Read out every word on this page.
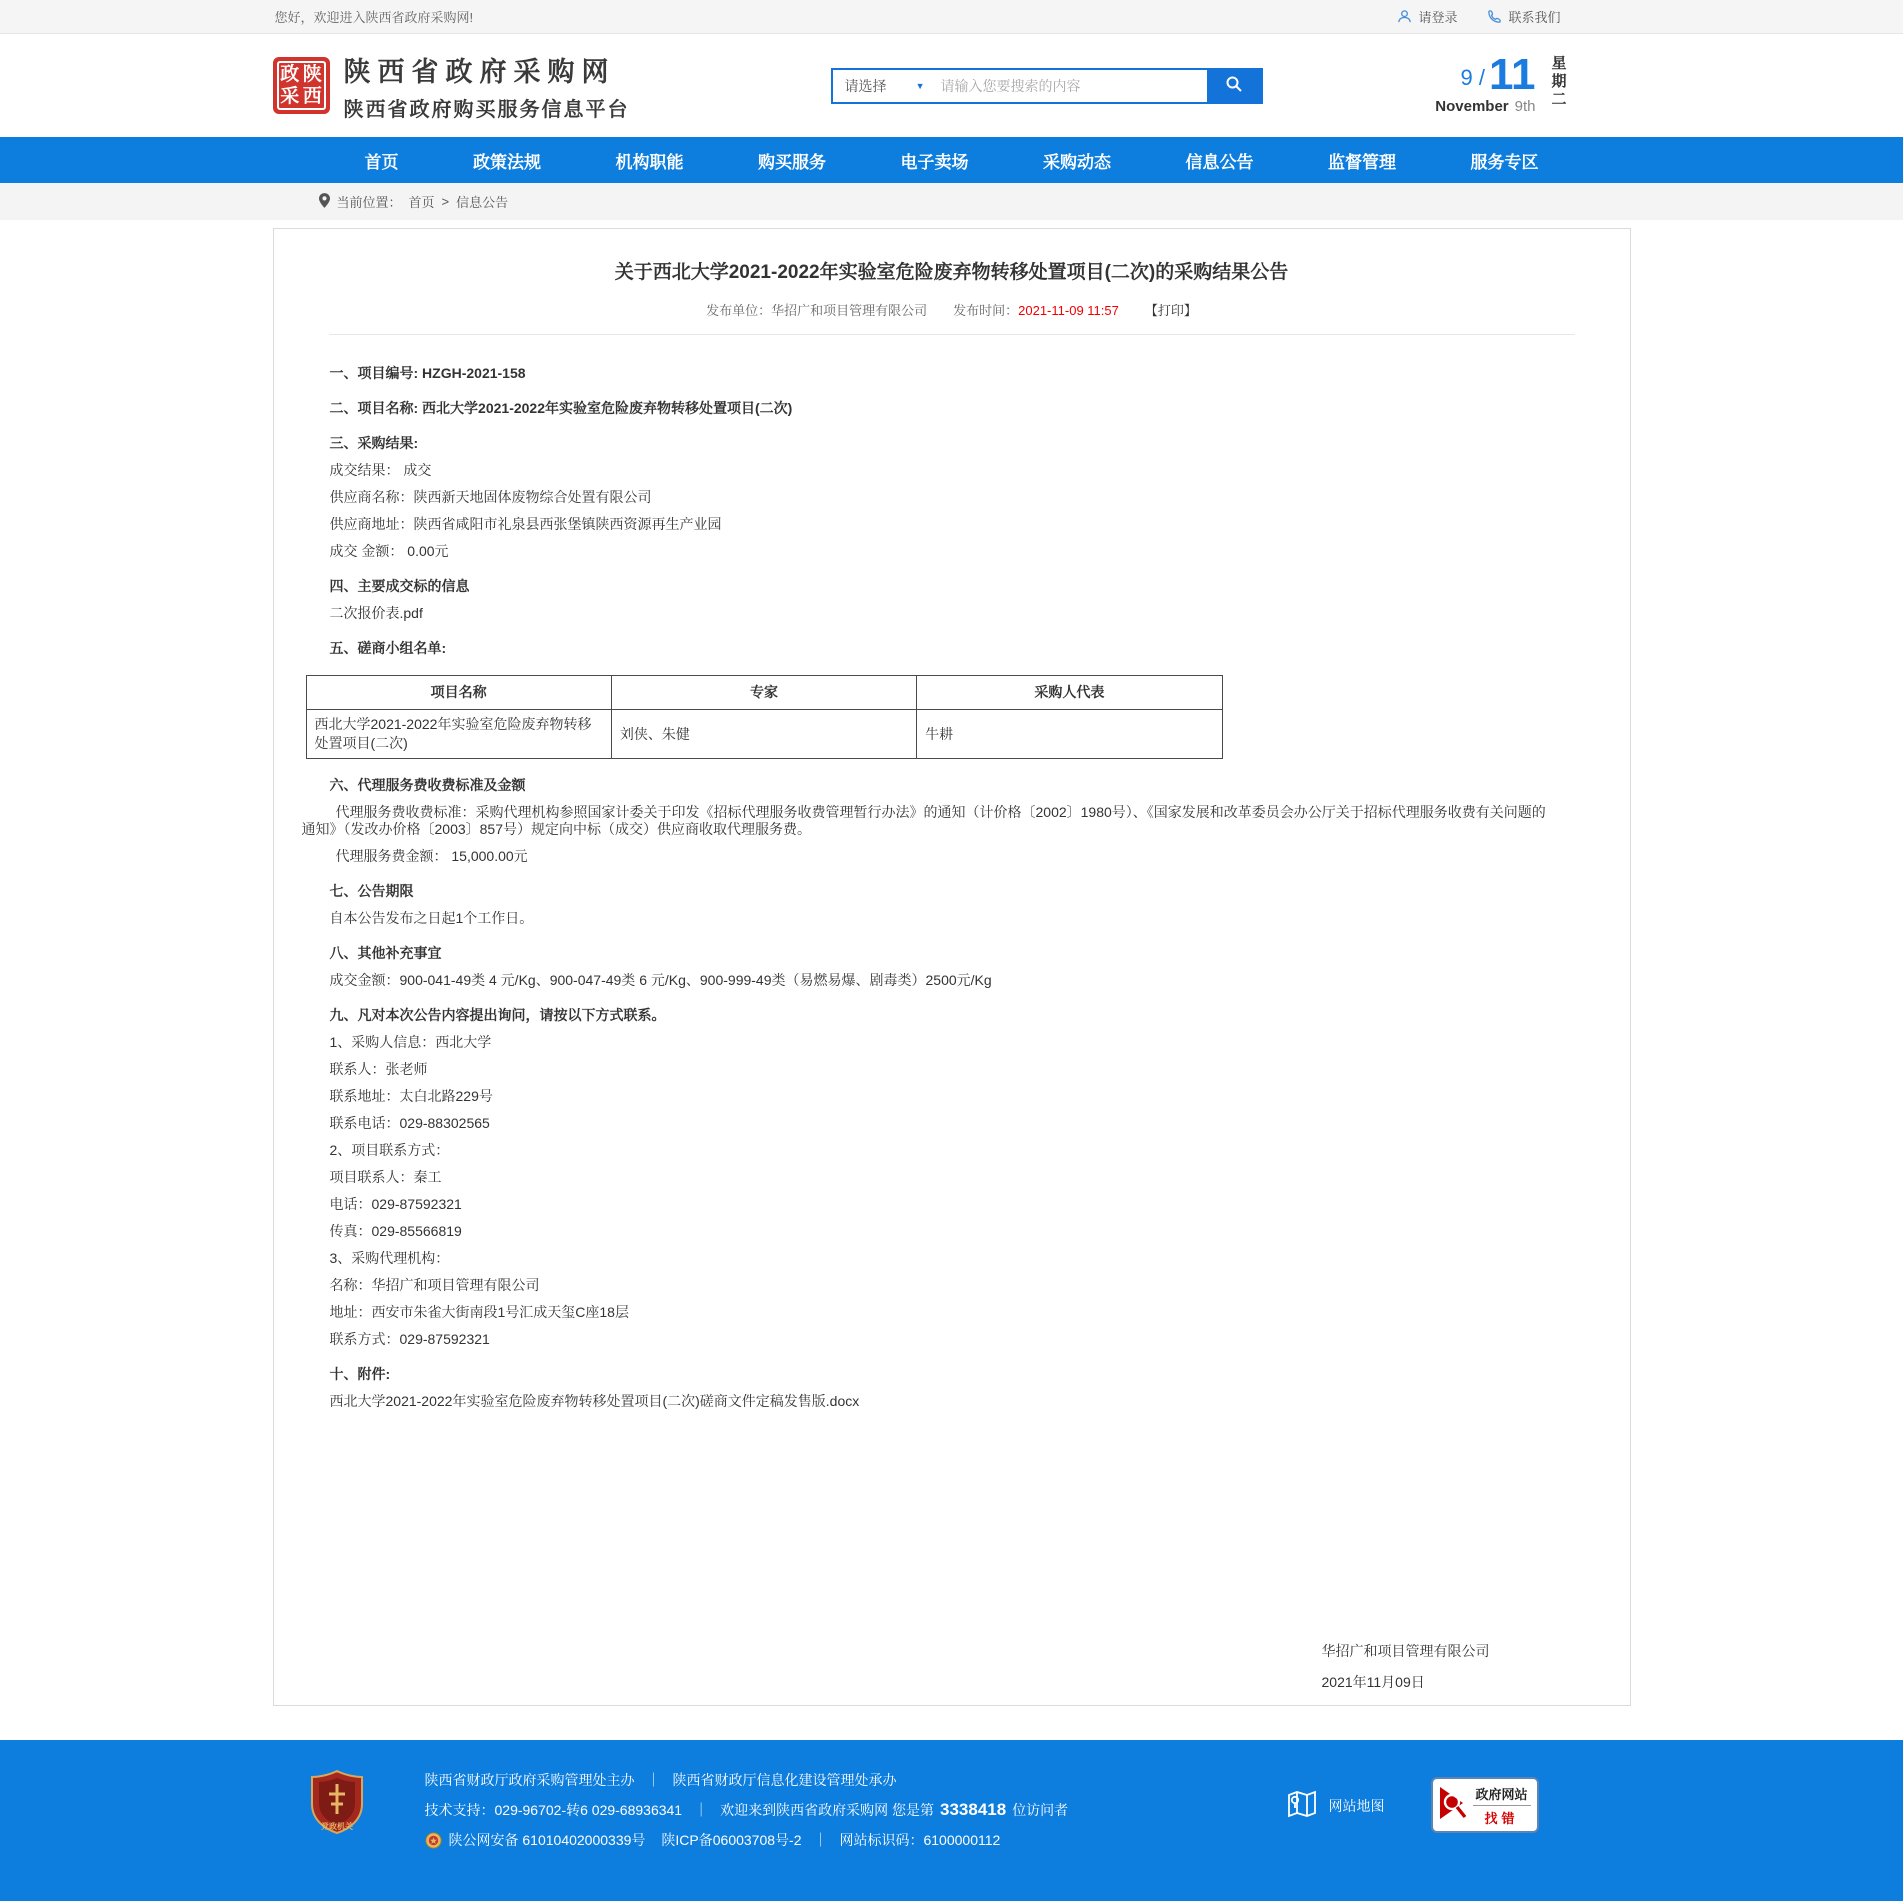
您好，欢迎进入陕西省政府采购网!	请登录	联系我们
政 陕
采 西
陕西省政府采购网
陕西省政府购买服务信息平台
请选择	▼
请输入您要搜索的内容	9 / 11
November 9th 星期二
首页	政策法规	机构职能	购买服务	电子卖场	采购动态	信息公告	监督管理	服务专区
当前位置： 首页 > 信息公告
关于西北大学2021-2022年实验室危险废弃物转移处置项目(二次)的采购结果公告
发布单位：华招广和项目管理有限公司 发布时间：2021-11-09 11:57 【打印】

一、项目编号: HZGH-2021-158

二、项目名称: 西北大学2021-2022年实验室危险废弃物转移处置项目(二次)

三、采购结果:

成交结果： 成交

供应商名称：陕西新天地固体废物综合处置有限公司

供应商地址：陕西省咸阳市礼泉县西张堡镇陕西资源再生产业园

成交 金额： 0.00元

四、主要成交标的信息

二次报价表.pdf

五、磋商小组名单:

项目名称	专家	采购人代表
西北大学2021-2022年实验室危险废弃物转移处置项目(二次)	刘侠、朱健	牛耕

六、代理服务费收费标准及金额

代理服务费收费标准：采购代理机构参照国家计委关于印发《招标代理服务收费管理暂行办法》的通知（计价格〔2002〕1980号）、《国家发展和改革委员会办公厅关于招标代理服务收费有关问题的通知》（发改办价格〔2003〕857号）规定向中标（成交）供应商收取代理服务费。

代理服务费金额： 15,000.00元

七、公告期限

自本公告发布之日起1个工作日。

八、其他补充事宜

成交金额：900-041-49类 4 元/Kg、900-047-49类 6 元/Kg、900-999-49类（易燃易爆、剧毒类）2500元/Kg

九、凡对本次公告内容提出询问，请按以下方式联系。

1、采购人信息：西北大学

联系人：张老师

联系地址：太白北路229号

联系电话：029-88302565

2、项目联系方式：

项目联系人：秦工

电话：029-87592321

传真：029-85566819

3、采购代理机构：

名称：华招广和项目管理有限公司

地址：西安市朱雀大街南段1号汇成天玺C座18层

联系方式：029-87592321

十、附件:

西北大学2021-2022年实验室危险废弃物转移处置项目(二次)磋商文件定稿发售版.docx

华招广和项目管理有限公司
2021年11月09日
党政机关
陕西省财政厅政府采购管理处主办 ｜ 陕西省财政厅信息化建设管理处承办
技术支持：029-96702-转6 029-68936341 ｜ 欢迎来到陕西省政府采购网 您是第 3338418 位访问者
陕公网安备 61010402000339号 陕ICP备06003708号-2 ｜ 网站标识码：6100000112
网站地图
政府网站
找错
